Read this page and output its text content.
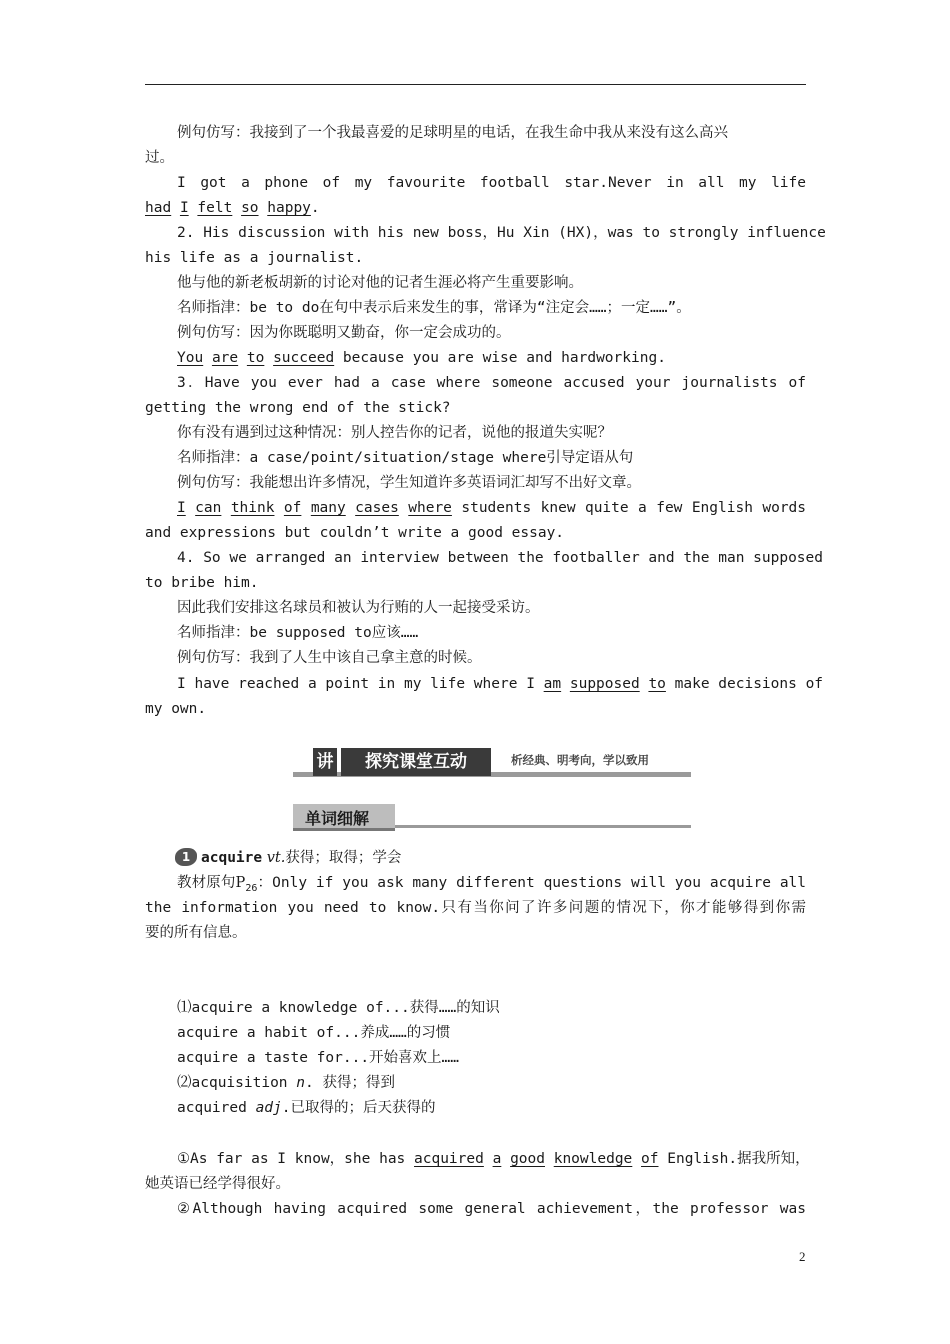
例句仿写：我接到了一个我最喜爱的足球明星的电话，在我生命中我从来没有这么高兴

过。

I got a phone of my favourite football star.Never in all my life

had I felt so happy.

2. His discussion with his new boss，Hu Xin (HX)，was to strongly influence

his life as a journalist.

他与他的新老板胡新的讨论对他的记者生涯必将产生重要影响。

名师指津：be to do在句中表示后来发生的事，常译为“注定会……；一定……”。

例句仿写：因为你既聪明又勤奋，你一定会成功的。

You are to succeed because you are wise and hardworking.

3．Have you ever had a case where someone accused your journalists of

getting the wrong end of the stick?

你有没有遇到过这种情况：别人控告你的记者，说他的报道失实呢？

名师指津：a case/point/situation/stage where引导定语从句

例句仿写：我能想出许多情况，学生知道许多英语词汇却写不出好文章。

I can think of many cases where students knew quite a few English words

and expressions but couldn’t write a good essay.

4. So we arranged an interview between the footballer and the man supposed

to bribe him.

因此我们安排这名球员和被认为行贿的人一起接受采访。

名师指津：be supposed to应该……

例句仿写：我到了人生中该自己拿主意的时候。

I have reached a point in my life where I am supposed to make decisions of

my own.

讲	探究课堂互动	析经典、明考向，学以致用
单词细解

1 acquire vt.获得；取得；学会

教材原句$P_{26}$：Only if you ask many different questions will you acquire all

the information you need to know.只有当你问了许多问题的情况下，你才能够得到你需

要的所有信息。

⑴acquire a knowledge of...获得……的知识

acquire a habit of...养成……的习惯

acquire a taste for...开始喜欢上……

⑵acquisition n. 获得；得到

acquired adj.已取得的；后天获得的

①As far as I know，she has acquired a good knowledge of English.据我所知，

她英语已经学得很好。

②Although having acquired some general achievement，the professor was

2
